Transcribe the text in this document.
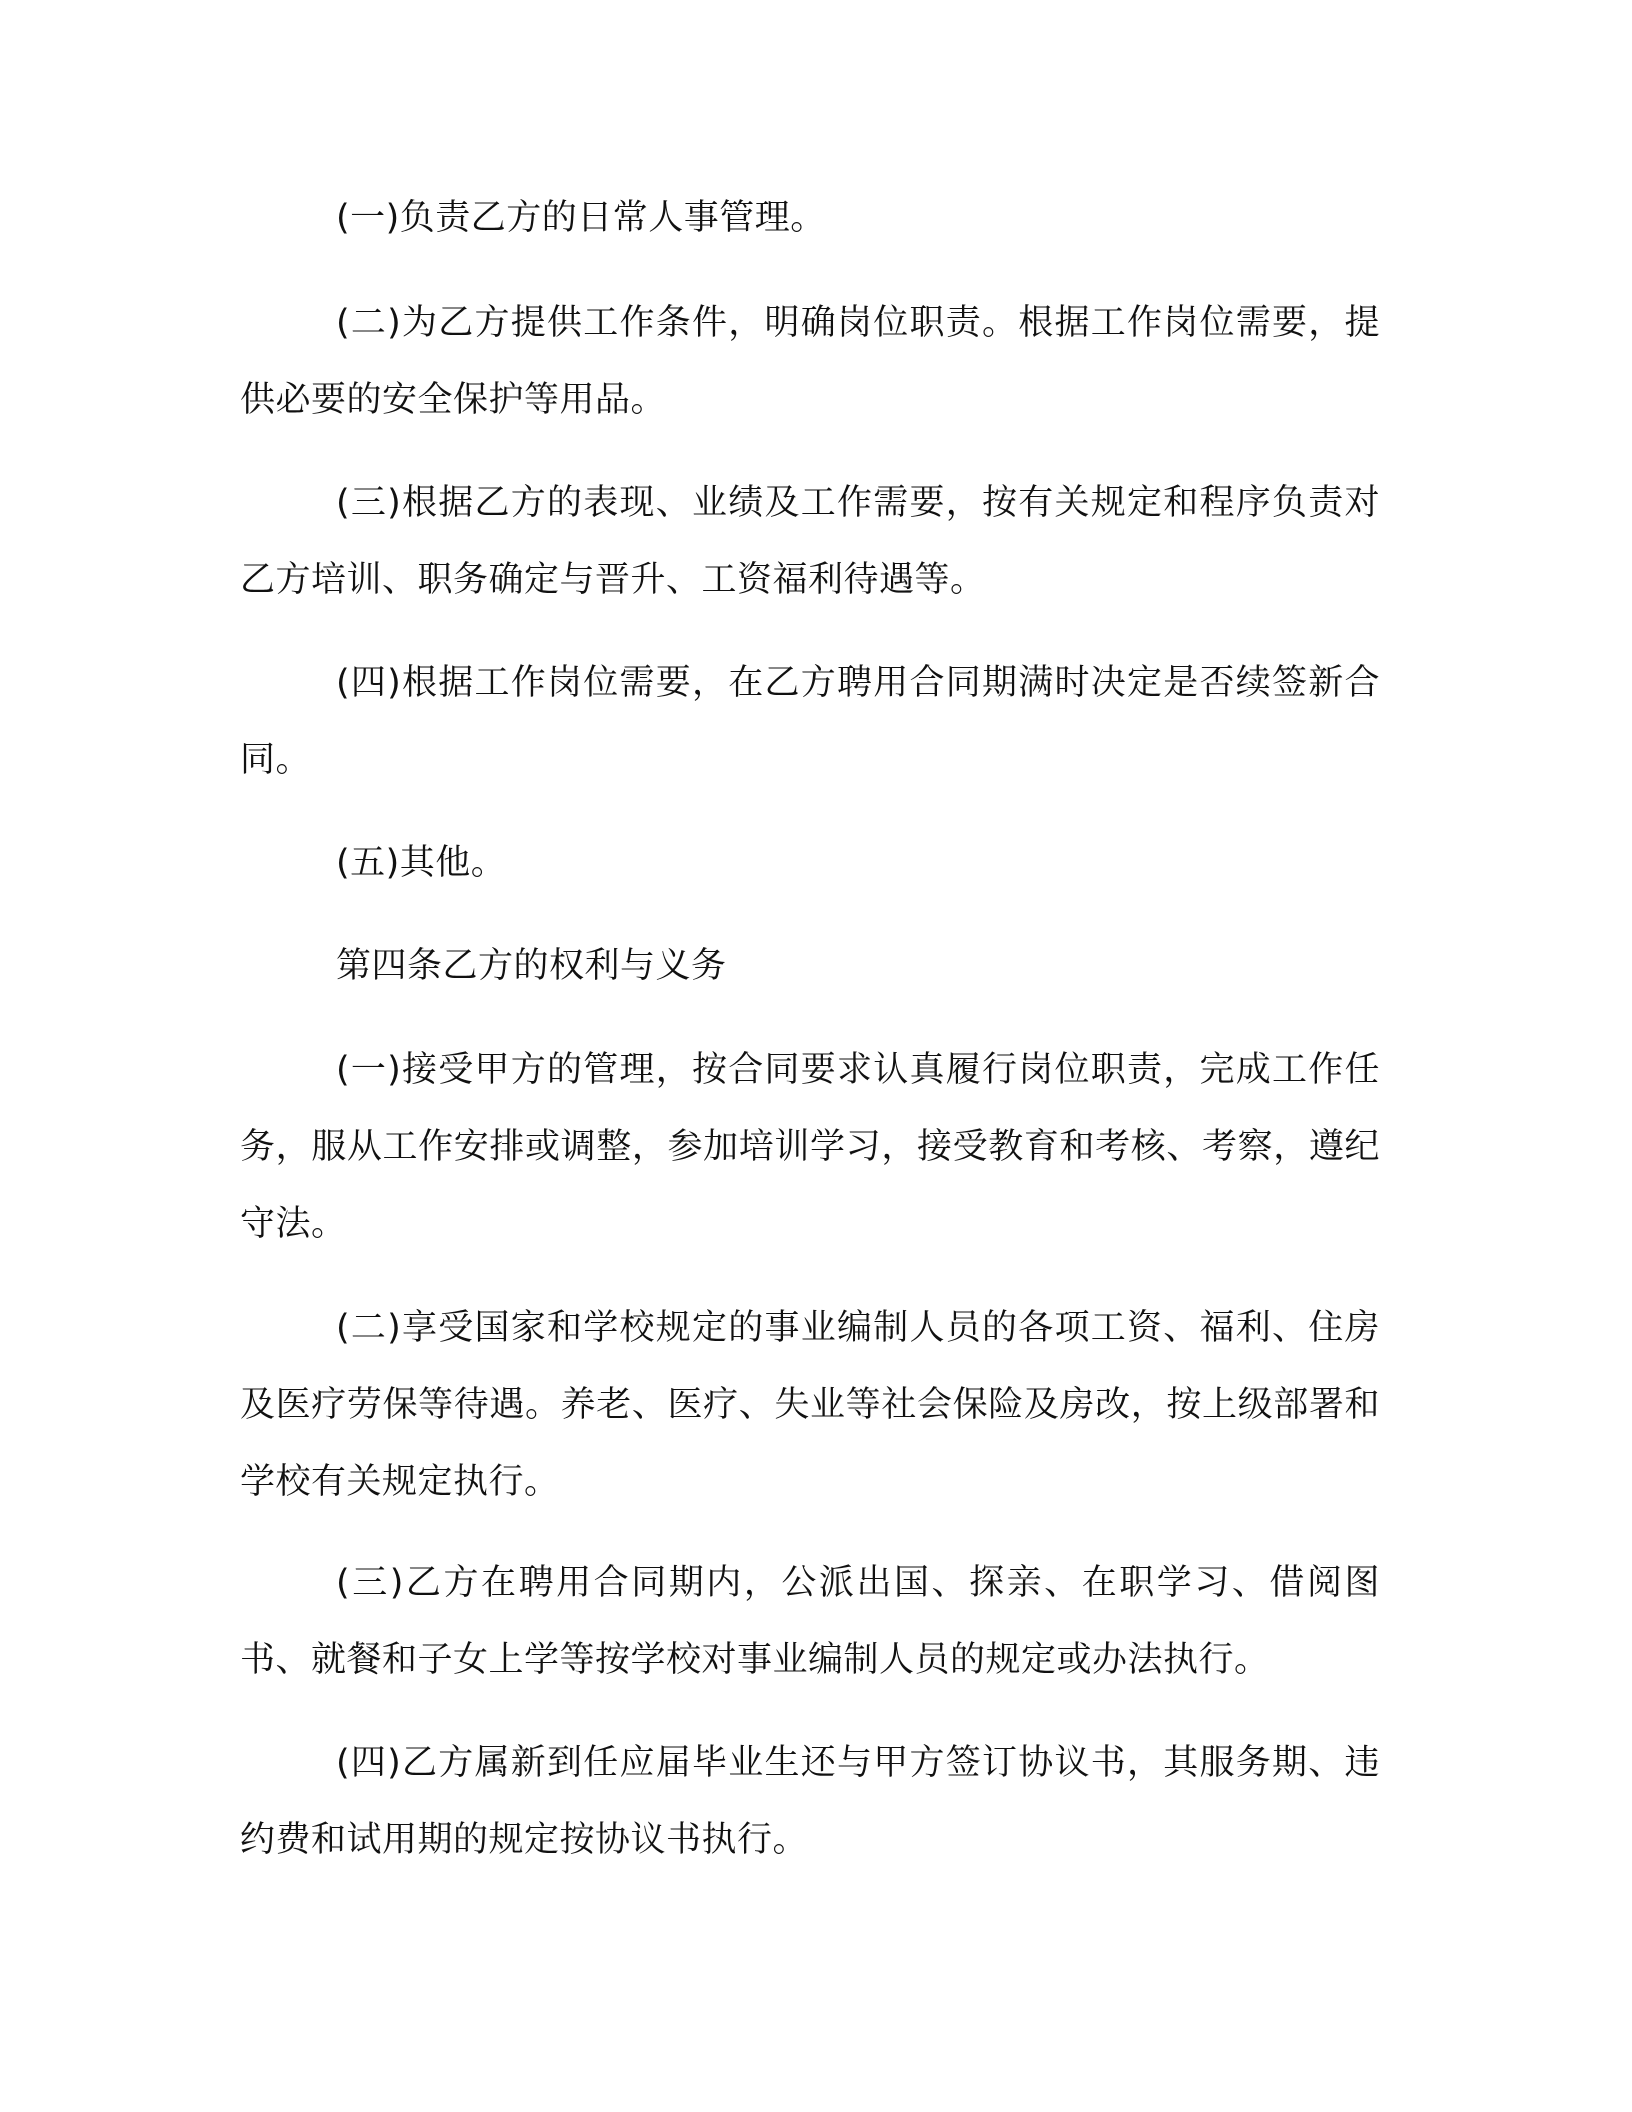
(一)负责乙方的日常人事管理。

(二)为乙方提供工作条件，明确岗位职责。根据工作岗位需要，提供必要的安全保护等用品。

(三)根据乙方的表现、业绩及工作需要，按有关规定和程序负责对乙方培训、职务确定与晋升、工资福利待遇等。

(四)根据工作岗位需要，在乙方聘用合同期满时决定是否续签新合同。

(五)其他。

第四条乙方的权利与义务

(一)接受甲方的管理，按合同要求认真履行岗位职责，完成工作任务，服从工作安排或调整，参加培训学习，接受教育和考核、考察，遵纪守法。

(二)享受国家和学校规定的事业编制人员的各项工资、福利、住房及医疗劳保等待遇。养老、医疗、失业等社会保险及房改，按上级部署和学校有关规定执行。

(三)乙方在聘用合同期内，公派出国、探亲、在职学习、借阅图书、就餐和子女上学等按学校对事业编制人员的规定或办法执行。

(四)乙方属新到任应届毕业生还与甲方签订协议书，其服务期、违约费和试用期的规定按协议书执行。
